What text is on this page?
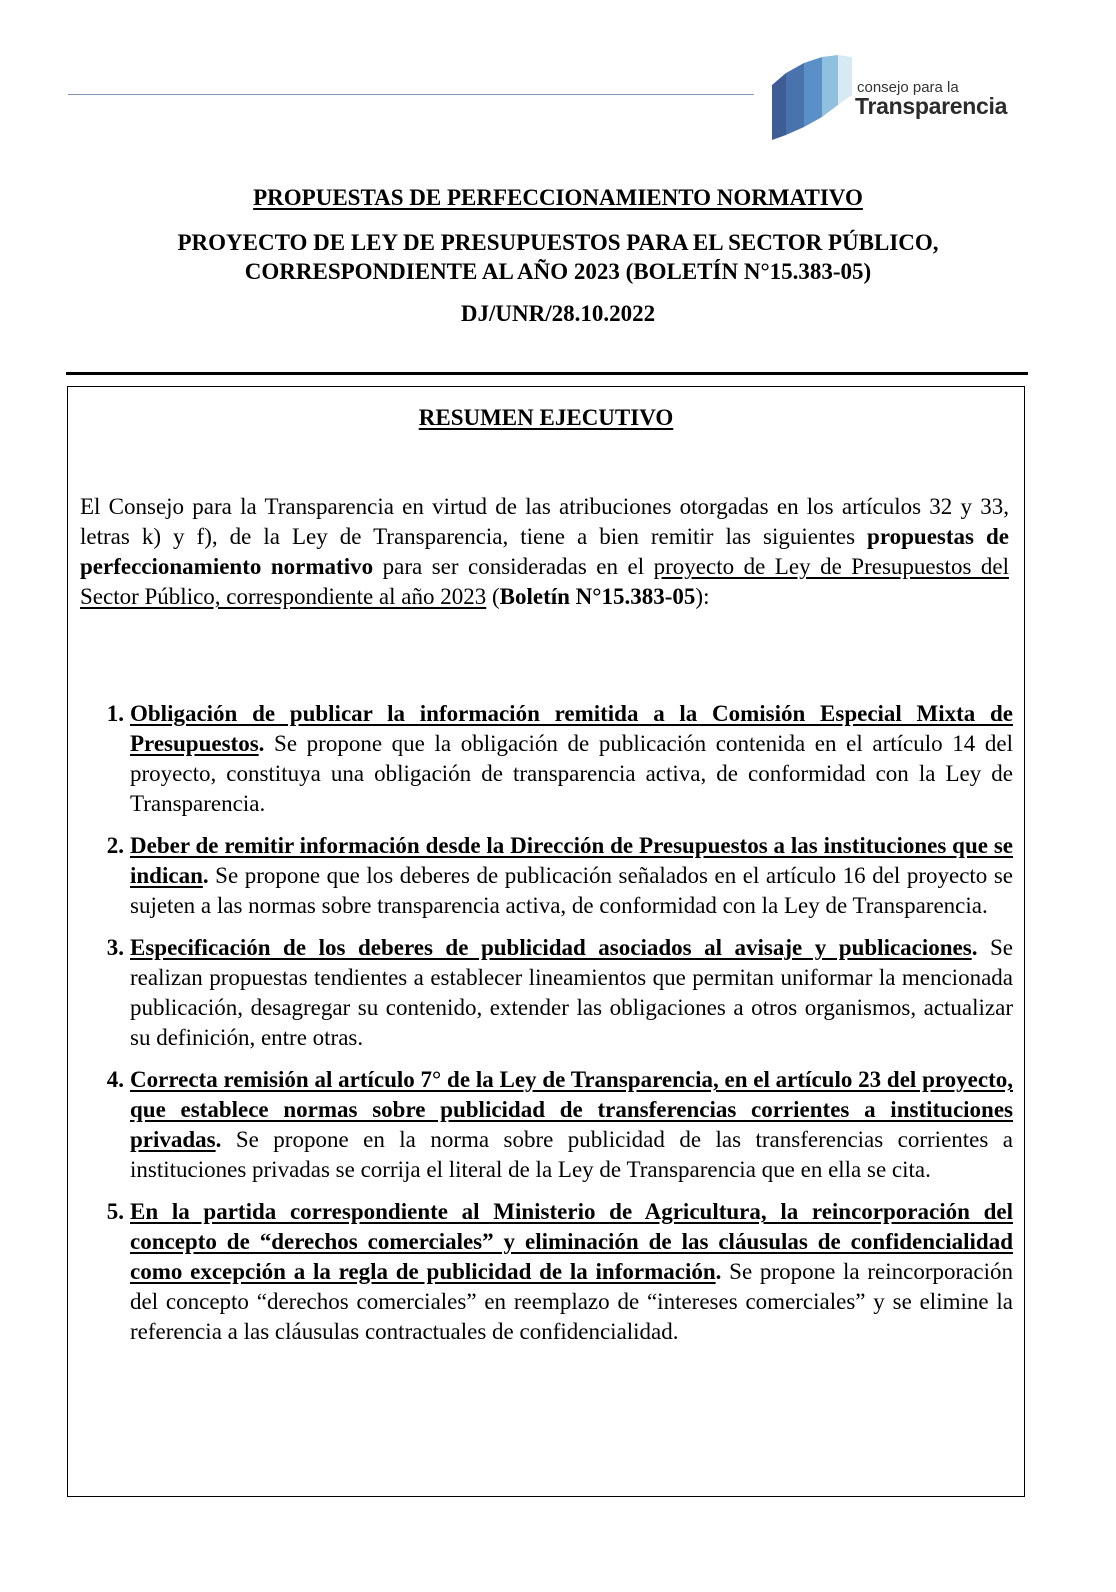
consejo para la
Transparencia
PROPUESTAS DE PERFECCIONAMIENTO NORMATIVO
PROYECTO DE LEY DE PRESUPUESTOS PARA EL SECTOR PÚBLICO,
CORRESPONDIENTE AL AÑO 2023 (BOLETÍN N°15.383-05)
DJ/UNR/28.10.2022
RESUMEN EJECUTIVO

El Consejo para la Transparencia en virtud de las atribuciones otorgadas en los artículos 32 y 33, letras k) y f), de la Ley de Transparencia, tiene a bien remitir las siguientes propuestas de perfeccionamiento normativo para ser consideradas en el proyecto de Ley de Presupuestos del Sector Público, correspondiente al año 2023 (Boletín N°15.383-05):

1. Obligación de publicar la información remitida a la Comisión Especial Mixta de Presupuestos. Se propone que la obligación de publicación contenida en el artículo 14 del proyecto, constituya una obligación de transparencia activa, de conformidad con la Ley de Transparencia.
2. Deber de remitir información desde la Dirección de Presupuestos a las instituciones que se indican. Se propone que los deberes de publicación señalados en el artículo 16 del proyecto se sujeten a las normas sobre transparencia activa, de conformidad con la Ley de Transparencia.
3. Especificación de los deberes de publicidad asociados al avisaje y publicaciones. Se realizan propuestas tendientes a establecer lineamientos que permitan uniformar la mencionada publicación, desagregar su contenido, extender las obligaciones a otros organismos, actualizar su definición, entre otras.
4. Correcta remisión al artículo 7° de la Ley de Transparencia, en el artículo 23 del proyecto, que establece normas sobre publicidad de transferencias corrientes a instituciones privadas. Se propone en la norma sobre publicidad de las transferencias corrientes a instituciones privadas se corrija el literal de la Ley de Transparencia que en ella se cita.
5. En la partida correspondiente al Ministerio de Agricultura, la reincorporación del concepto de “derechos comerciales” y eliminación de las cláusulas de confidencialidad como excepción a la regla de publicidad de la información. Se propone la reincorporación del concepto “derechos comerciales” en reemplazo de “intereses comerciales” y se elimine la referencia a las cláusulas contractuales de confidencialidad.
